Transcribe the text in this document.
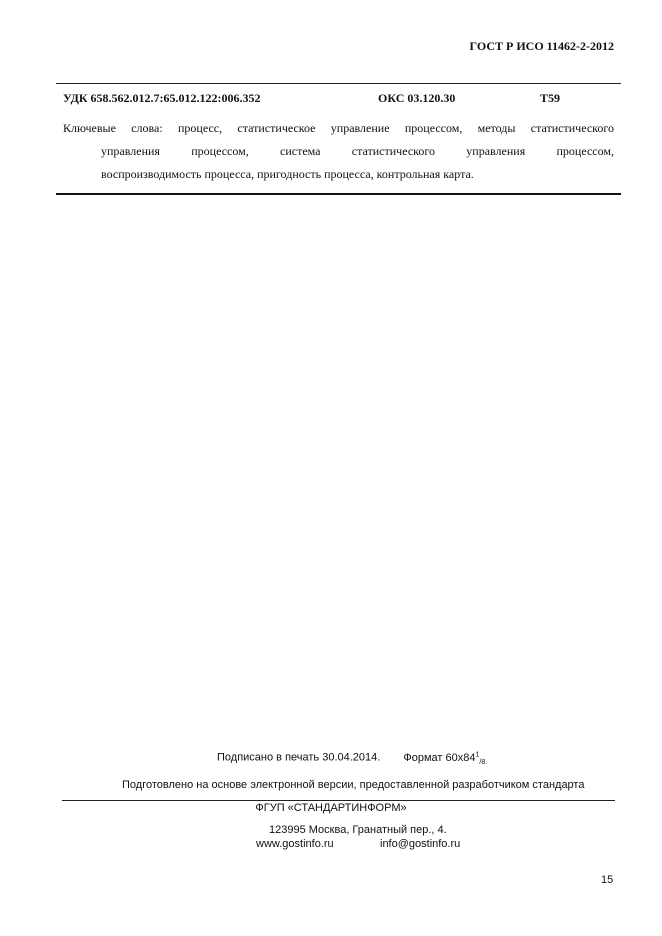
ГОСТ Р ИСО 11462-2-2012
УДК 658.562.012.7:65.012.122:006.352	ОКС 03.120.30	T59
Ключевые слова: процесс, статистическое управление процессом, методы статистического
управления процессом, система статистического управления процессом,
воспроизводимость процесса, пригодность процесса, контрольная карта.
Подписано в печать 30.04.2014. Формат $60x84^1_{/8.}$
Подготовлено на основе электронной версии, предоставленной разработчиком стандарта
ФГУП «СТАНДАРТИНФОРМ»
123995 Москва, Гранатный пер., 4.
www.gostinfo.ru	info@gostinfo.ru
15
